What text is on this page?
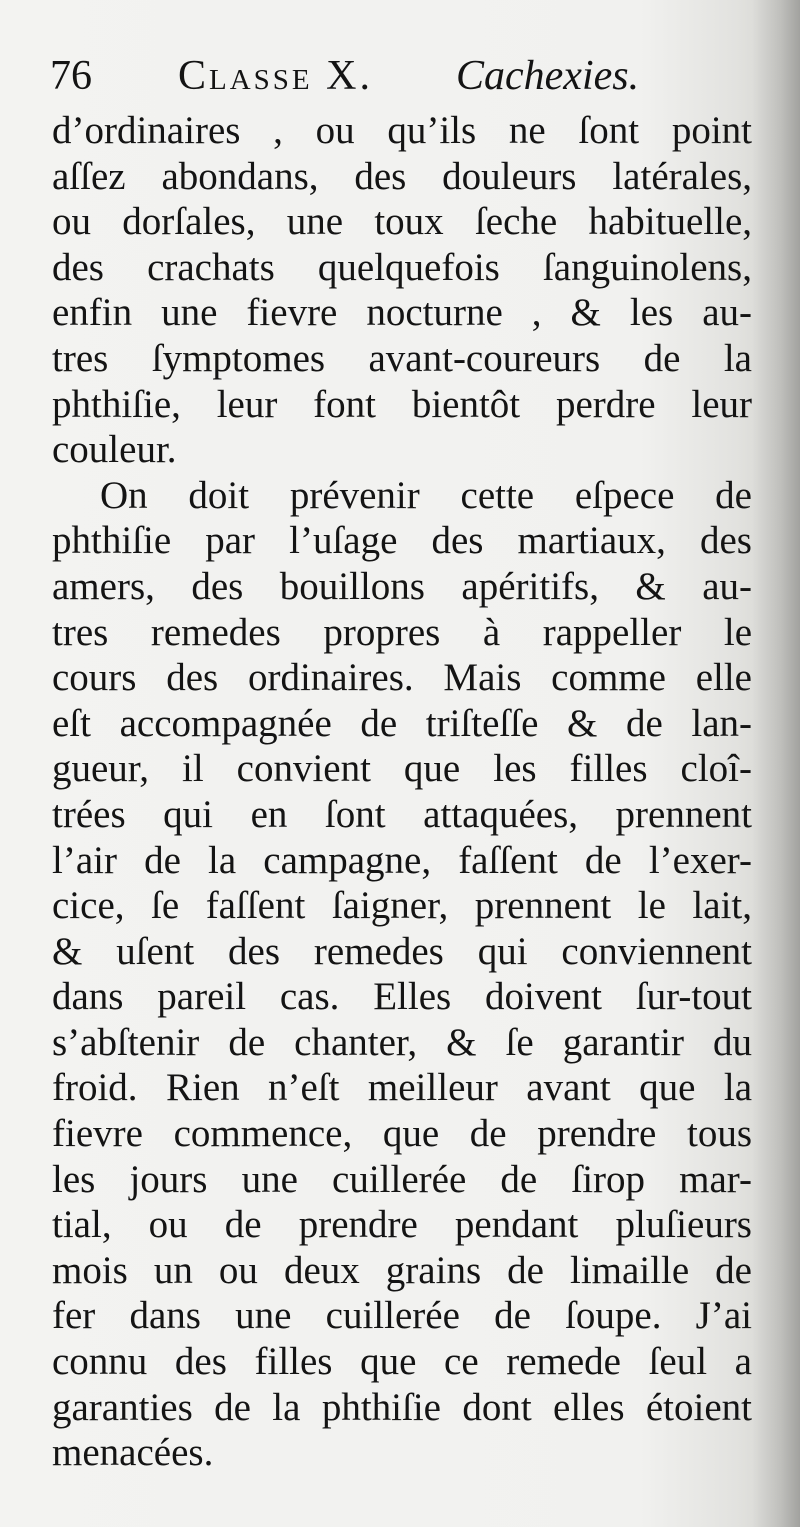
76 Classe X. Cachexies.
d’ordinaires , ou qu’ils ne ſont point
aſſez abondans, des douleurs latérales,
ou dorſales, une toux ſeche habituelle,
des crachats quelquefois ſanguinolens,
enfin une fievre nocturne , & les au-
tres ſymptomes avant-coureurs de la
phthiſie, leur font bientôt perdre leur
couleur.
On doit prévenir cette eſpece de
phthiſie par l’uſage des martiaux, des
amers, des bouillons apéritifs, & au-
tres remedes propres à rappeller le
cours des ordinaires. Mais comme elle
eſt accompagnée de triſteſſe & de lan-
gueur, il convient que les filles cloî-
trées qui en ſont attaquées, prennent
l’air de la campagne, faſſent de l’exer-
cice, ſe faſſent ſaigner, prennent le lait,
& uſent des remedes qui conviennent
dans pareil cas. Elles doivent ſur-tout
s’abſtenir de chanter, & ſe garantir du
froid. Rien n’eſt meilleur avant que la
fievre commence, que de prendre tous
les jours une cuillerée de ſirop mar-
tial, ou de prendre pendant pluſieurs
mois un ou deux grains de limaille de
fer dans une cuillerée de ſoupe. J’ai
connu des filles que ce remede ſeul a
garanties de la phthiſie dont elles étoient
menacées.
